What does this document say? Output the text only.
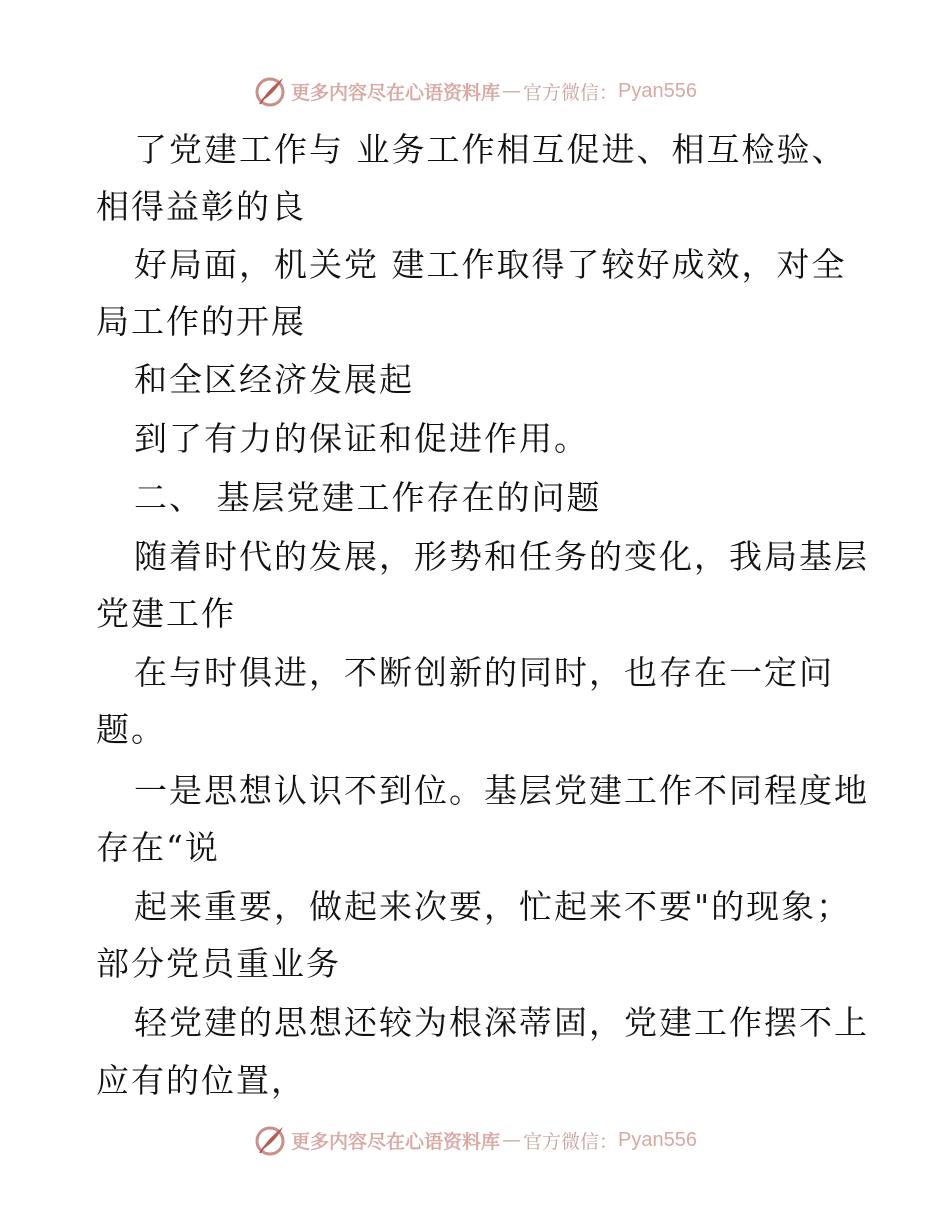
更多内容尽在心语资料库 — 官方微信： Pyan556
了党建工作与 业务工作相互促进、相互检验、
相得益彰的良
好局面，机关党 建工作取得了较好成效，对全
局工作的开展
和全区经济发展起
到了有力的保证和促进作用。
二、 基层党建工作存在的问题
随着时代的发展，形势和任务的变化，我局基层
党建工作
在与时俱进，不断创新的同时，也存在一定问
题。
一是思想认识不到位。基层党建工作不同程度地
存在“说
起来重要，做起来次要，忙起来不要"的现象；
部分党员重业务
轻党建的思想还较为根深蒂固，党建工作摆不上
应有的位置，
更多内容尽在心语资料库 — 官方微信： Pyan556
